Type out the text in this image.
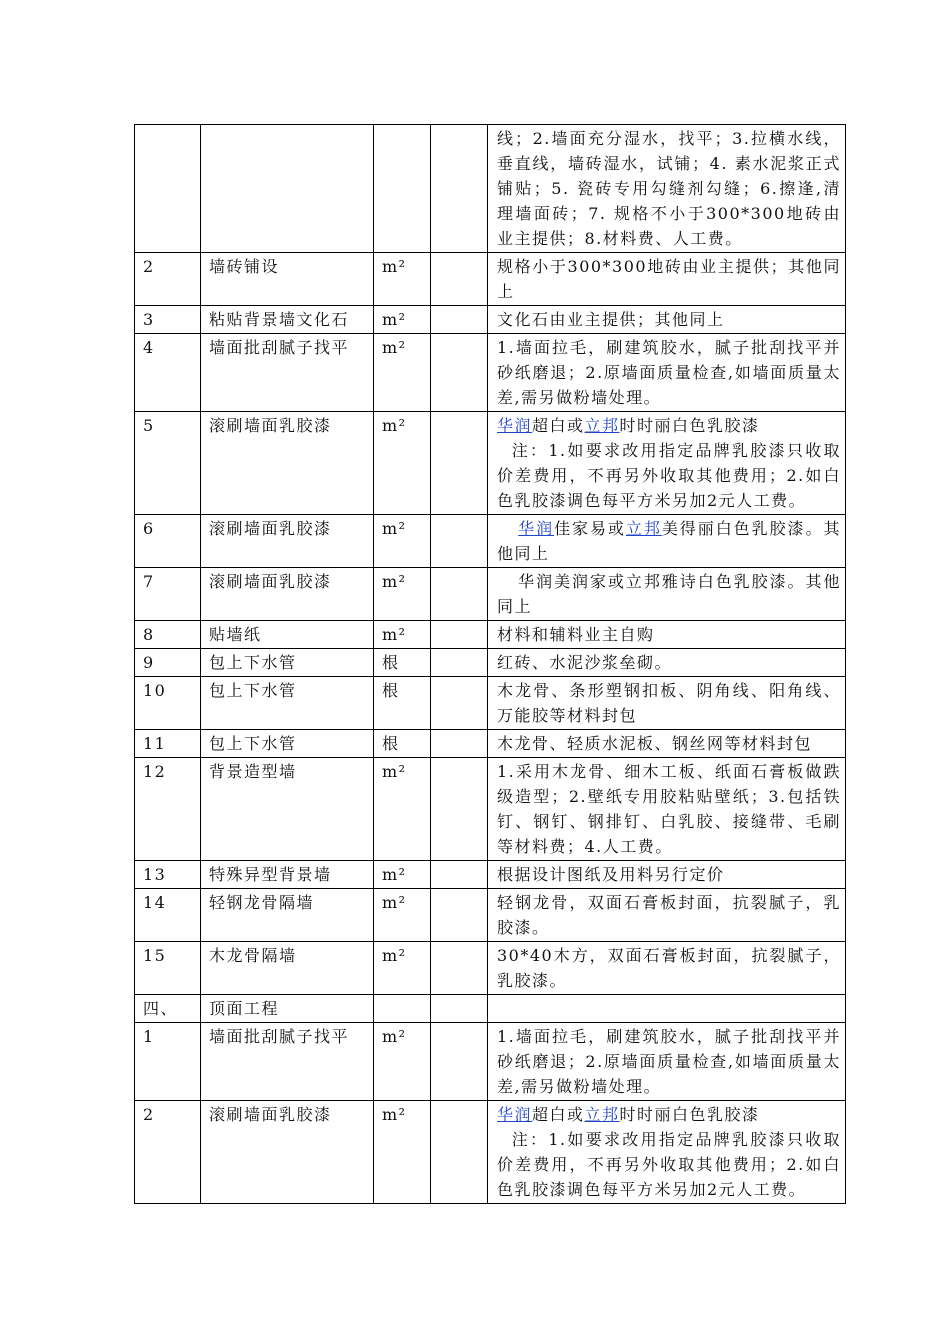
				线；2.墙面充分湿水，找平；3.拉横水线，垂直线，墙砖湿水，试铺；4. 素水泥浆正式铺贴；5. 瓷砖专用勾缝剂勾缝；6.擦逢,清理墙面砖；7. 规格不小于300*300地砖由业主提供；8.材料费、人工费。
2	墙砖铺设	m²		规格小于300*300地砖由业主提供；其他同上
3	粘贴背景墙文化石	m²		文化石由业主提供；其他同上
4	墙面批刮腻子找平	m²		1.墙面拉毛，刷建筑胶水，腻子批刮找平并砂纸磨退；2.原墙面质量检查,如墙面质量太差,需另做粉墙处理。
5	滚刷墙面乳胶漆	m²		华润超白或立邦时时丽白色乳胶漆
注：1.如要求改用指定品牌乳胶漆只收取价差费用，不再另外收取其他费用；2.如白色乳胶漆调色每平方米另加2元人工费。
6	滚刷墙面乳胶漆	m²		华润佳家易或立邦美得丽白色乳胶漆。其他同上
7	滚刷墙面乳胶漆	m²		华润美润家或立邦雅诗白色乳胶漆。其他同上
8	贴墙纸	m²		材料和辅料业主自购
9	包上下水管	根		红砖、水泥沙浆垒砌。
10	包上下水管	根		木龙骨、条形塑钢扣板、阴角线、阳角线、万能胶等材料封包
11	包上下水管	根		木龙骨、轻质水泥板、钢丝网等材料封包
12	背景造型墙	m²		1.采用木龙骨、细木工板、纸面石膏板做跌级造型；2.壁纸专用胶粘贴壁纸；3.包括铁钉、钢钉、钢排钉、白乳胶、接缝带、毛刷等材料费；4.人工费。
13	特殊异型背景墙	m²		根据设计图纸及用料另行定价
14	轻钢龙骨隔墙	m²		轻钢龙骨，双面石膏板封面，抗裂腻子，乳胶漆。
15	木龙骨隔墙	m²		30*40木方，双面石膏板封面，抗裂腻子，乳胶漆。
四、	顶面工程			
1	墙面批刮腻子找平	m²		1.墙面拉毛，刷建筑胶水，腻子批刮找平并砂纸磨退；2.原墙面质量检查,如墙面质量太差,需另做粉墙处理。
2	滚刷墙面乳胶漆	m²		华润超白或立邦时时丽白色乳胶漆
注：1.如要求改用指定品牌乳胶漆只收取价差费用，不再另外收取其他费用；2.如白色乳胶漆调色每平方米另加2元人工费。
